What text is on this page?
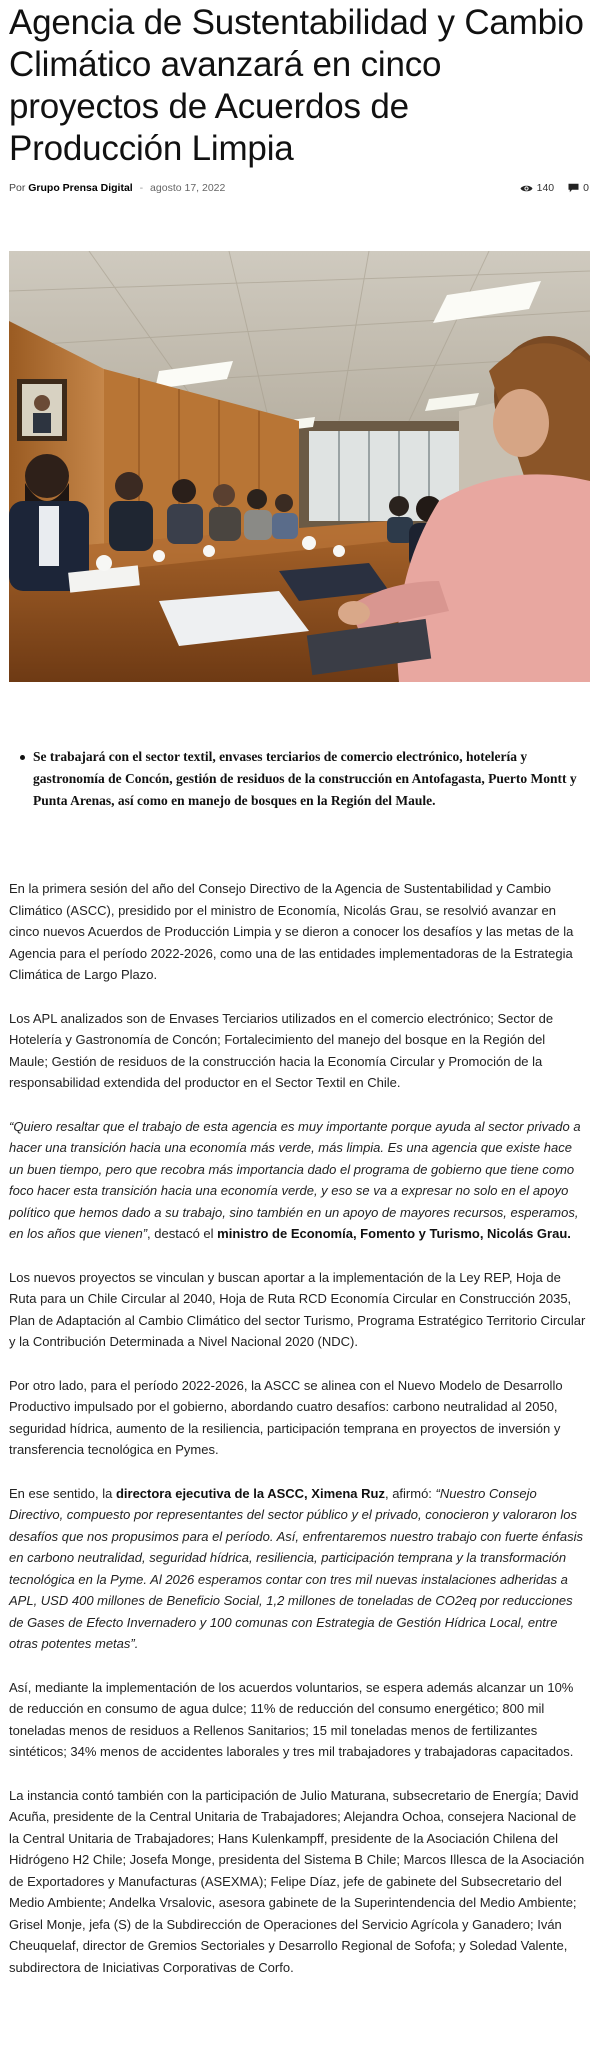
Agencia de Sustentabilidad y Cambio Climático avanzará en cinco proyectos de Acuerdos de Producción Limpia
Por Grupo Prensa Digital - agosto 17, 2022	140	0
Se trabajará con el sector textil, envases terciarios de comercio electrónico, hotelería y gastronomía de Concón, gestión de residuos de la construcción en Antofagasta, Puerto Montt y Punta Arenas, así como en manejo de bosques en la Región del Maule.

En la primera sesión del año del Consejo Directivo de la Agencia de Sustentabilidad y Cambio Climático (ASCC), presidido por el ministro de Economía, Nicolás Grau, se resolvió avanzar en cinco nuevos Acuerdos de Producción Limpia y se dieron a conocer los desafíos y las metas de la Agencia para el período 2022-2026, como una de las entidades implementadoras de la Estrategia Climática de Largo Plazo.

Los APL analizados son de Envases Terciarios utilizados en el comercio electrónico; Sector de Hotelería y Gastronomía de Concón; Fortalecimiento del manejo del bosque en la Región del Maule; Gestión de residuos de la construcción hacia la Economía Circular y Promoción de la responsabilidad extendida del productor en el Sector Textil en Chile.

“Quiero resaltar que el trabajo de esta agencia es muy importante porque ayuda al sector privado a hacer una transición hacia una economía más verde, más limpia. Es una agencia que existe hace un buen tiempo, pero que recobra más importancia dado el programa de gobierno que tiene como foco hacer esta transición hacia una economía verde, y eso se va a expresar no solo en el apoyo político que hemos dado a su trabajo, sino también en un apoyo de mayores recursos, esperamos, en los años que vienen”, destacó el ministro de Economía, Fomento y Turismo, Nicolás Grau.

Los nuevos proyectos se vinculan y buscan aportar a la implementación de la Ley REP, Hoja de Ruta para un Chile Circular al 2040, Hoja de Ruta RCD Economía Circular en Construcción 2035, Plan de Adaptación al Cambio Climático del sector Turismo, Programa Estratégico Territorio Circular y la Contribución Determinada a Nivel Nacional 2020 (NDC).

Por otro lado, para el período 2022-2026, la ASCC se alinea con el Nuevo Modelo de Desarrollo Productivo impulsado por el gobierno, abordando cuatro desafíos: carbono neutralidad al 2050, seguridad hídrica, aumento de la resiliencia, participación temprana en proyectos de inversión y transferencia tecnológica en Pymes.

En ese sentido, la directora ejecutiva de la ASCC, Ximena Ruz, afirmó: “Nuestro Consejo Directivo, compuesto por representantes del sector público y el privado, conocieron y valoraron los desafíos que nos propusimos para el período. Así, enfrentaremos nuestro trabajo con fuerte énfasis en carbono neutralidad, seguridad hídrica, resiliencia, participación temprana y la transformación tecnológica en la Pyme. Al 2026 esperamos contar con tres mil nuevas instalaciones adheridas a APL, USD 400 millones de Beneficio Social, 1,2 millones de toneladas de CO2eq por reducciones de Gases de Efecto Invernadero y 100 comunas con Estrategia de Gestión Hídrica Local, entre otras potentes metas”.

Así, mediante la implementación de los acuerdos voluntarios, se espera además alcanzar un 10% de reducción en consumo de agua dulce; 11% de reducción del consumo energético; 800 mil toneladas menos de residuos a Rellenos Sanitarios; 15 mil toneladas menos de fertilizantes sintéticos; 34% menos de accidentes laborales y tres mil trabajadores y trabajadoras capacitados.

La instancia contó también con la participación de Julio Maturana, subsecretario de Energía; David Acuña, presidente de la Central Unitaria de Trabajadores; Alejandra Ochoa, consejera Nacional de la Central Unitaria de Trabajadores; Hans Kulenkampff, presidente de la Asociación Chilena del Hidrógeno H2 Chile; Josefa Monge, presidenta del Sistema B Chile; Marcos Illesca de la Asociación de Exportadores y Manufacturas (ASEXMA); Felipe Díaz, jefe de gabinete del Subsecretario del Medio Ambiente; Andelka Vrsalovic, asesora gabinete de la Superintendencia del Medio Ambiente; Grisel Monje, jefa (S) de la Subdirección de Operaciones del Servicio Agrícola y Ganadero; Iván Cheuquelaf, director de Gremios Sectoriales y Desarrollo Regional de Sofofa; y Soledad Valente, subdirectora de Iniciativas Corporativas de Corfo.
